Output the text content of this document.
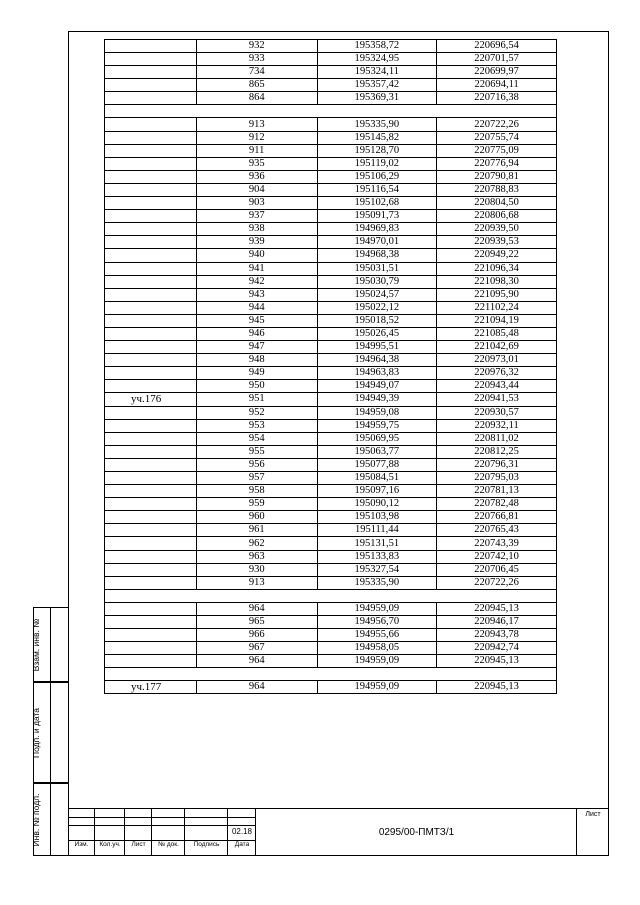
	932	195358,72	220696,54
	933	195324,95	220701,57
	734	195324,11	220699,97
	865	195357,42	220694,11
	864	195369,31	220716,38

	913	195335,90	220722,26
	912	195145,82	220755,74
	911	195128,70	220775,09
	935	195119,02	220776,94
	936	195106,29	220790,81
	904	195116,54	220788,83
	903	195102,68	220804,50
	937	195091,73	220806,68
	938	194969,83	220939,50
	939	194970,01	220939,53
	940	194968,38	220949,22
	941	195031,51	221096,34
	942	195030,79	221098,30
	943	195024,57	221095,90
	944	195022,12	221102,24
	945	195018,52	221094,19
	946	195026,45	221085,48
	947	194995,51	221042,69
	948	194964,38	220973,01
	949	194963,83	220976,32
	950	194949,07	220943,44
уч.176	951	194949,39	220941,53
	952	194959,08	220930,57
	953	194959,75	220932,11
	954	195069,95	220811,02
	955	195063,77	220812,25
	956	195077,88	220796,31
	957	195084,51	220795,03
	958	195097,16	220781,13
	959	195090,12	220782,48
	960	195103,98	220766,81
	961	195111,44	220765,43
	962	195131,51	220743,39
	963	195133,83	220742,10
	930	195327,54	220706,45
	913	195335,90	220722,26

	964	194959,09	220945,13
	965	194956,70	220946,17
	966	194955,66	220943,78
	967	194958,05	220942,74
	964	194959,09	220945,13

уч.177	964	194959,09	220945,13
Взам. инв. №
Подп. и дата
Инв. № подл.	Изм.	Кол.уч.	Лист	№ док.	Подпись	Дата
02.18	0295/00-ПМТЗ/1
Лист
